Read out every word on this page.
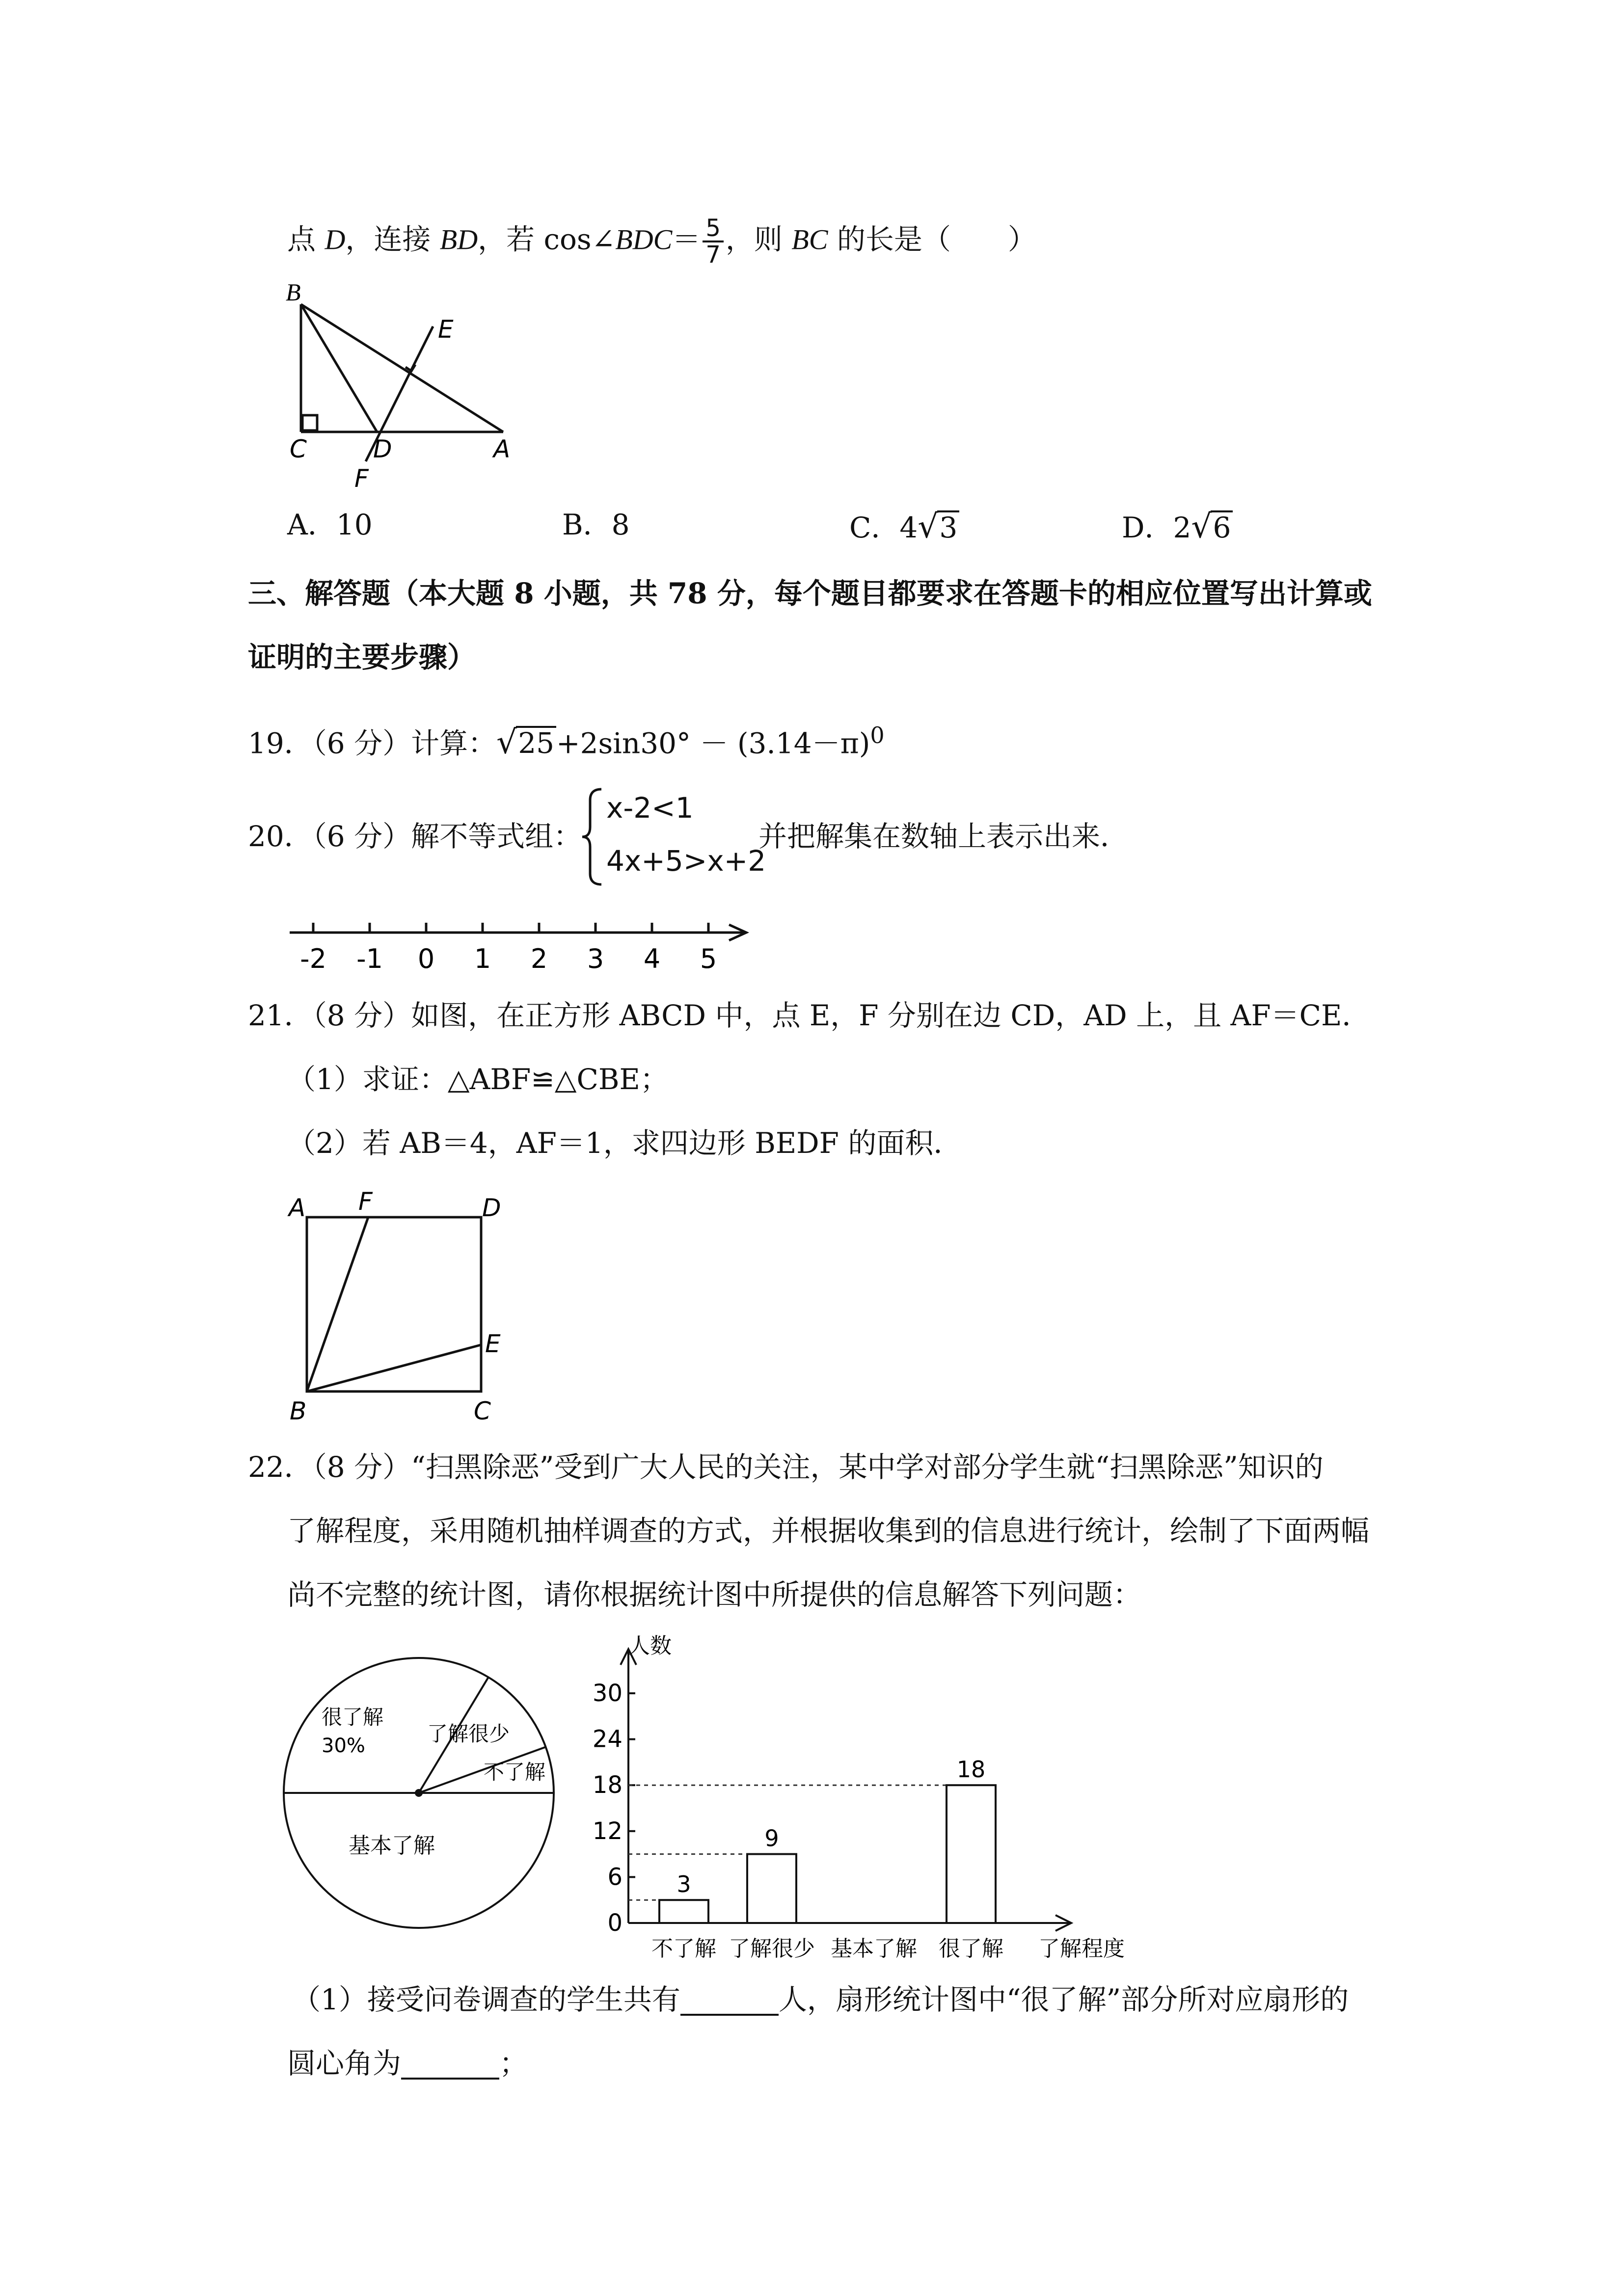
点 D，连接 BD，若 cos∠BDC＝ $\frac{5}{7}$ ，则 BC 的长是（　　）
B
E
C	D	A
F
A．10	B．8	C．4√3	D．2√6
三、解答题（本大题 8 小题，共 78 分，每个题目都要求在答题卡的相应位置写出计算或
证明的主要步骤）
19．（6 分）计算：$√25+2\sin 30^\circ - (3.14-\pi)^0$
20．（6 分）解不等式组：
x-2<1
4x+5>x+2
并把解集在数轴上表示出来．
-2 -1 0 1 2 3 4 5
21．（8 分）如图，在正方形 ABCD 中，点 E，F 分别在边 CD，AD 上，且 AF＝CE．
（1）求证：△ABF≌△CBE；
（2）若 AB＝4，AF＝1，求四边形 BEDF 的面积．
A F	D
E
B	C
22．（8 分）“扫黑除恶”受到广大人民的关注，某中学对部分学生就“扫黑除恶”知识的
了解程度，采用随机抽样调查的方式，并根据收集到的信息进行统计，绘制了下面两幅
尚不完整的统计图，请你根据统计图中所提供的信息解答下列问题：
很了解
30%	了解很少
不了解
基本了解
人数
了解程度
0
6
12
18
24
30
不了解
3
了解很少
9
基本了解 很了解
18
（1）接受问卷调查的学生共有	人，扇形统计图中“很了解”部分所对应扇形的
圆心角为	；
